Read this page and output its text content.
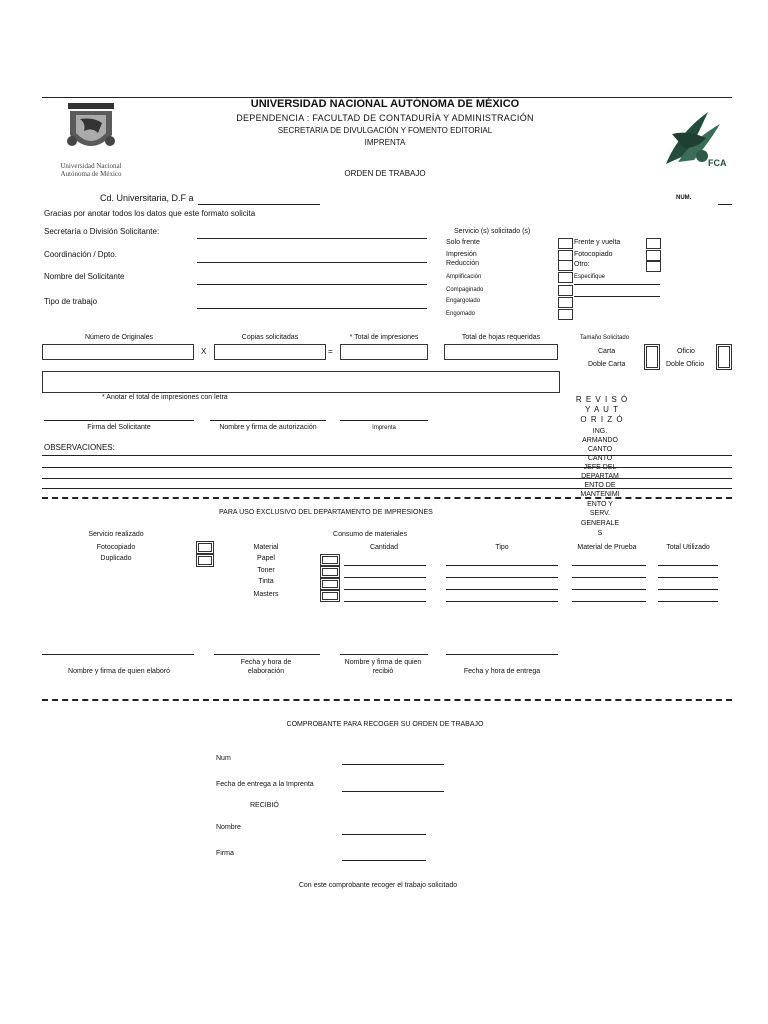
Universidad Nacional
Autónoma de México
FCA
UNIVERSIDAD NACIONAL AUTÓNOMA DE MÉXICO
DEPENDENCIA : FACULTAD DE CONTADURÍA Y ADMINISTRACIÓN
SECRETARIA DE DIVULGACIÓN Y FOMENTO EDITORIAL
IMPRENTA
ORDEN DE TRABAJO
Cd. Universitaria, D.F a	NUM.
Gracias por anotar todos los datos que este formato solicita
Secretaría o División Solicitante:
Coordinación / Dpto.
Nombre del Solicitante
Tipo de trabajo
Servicio (s) solicitado (s)
Solo frente
Impresión
Reducción
Amplificación
Compaginado
Engargolado
Engomado
Frente y vuelta
Fotocopiado
Otro:
Especifique
Número de Originales	Copias solicitadas	* Total de impresiones	Total de hojas requeridas
X	=
Tamaño Solicitado
Carta
Doble Carta
Oficio
Doble Oficio
* Anotar el total de impresiones con letra
Firma del Solicitante	Nombre y firma de autorización	Imprenta
R E V I S Ó
Y A U T
O R I Z Ó
ING.
ARMANDO
CANTO
CANTO
JEFE DEL
DEPARTAM
ENTO DE
MANTENIMI
ENTO Y
SERV.
GENERALE
S
OBSERVACIONES:
PARA USO EXCLUSIVO DEL DEPARTAMENTO DE IMPRESIONES
Servicio realizado
Fotocopiado
Duplicado
Consumo de materiales
Material	Cantidad	Tipo	Material de Prueba	Total Utilizado
Papel
Toner
Tinta
Masters
Nombre y firma de quien elaboró
Fecha y hora de elaboración
Nombre y firma de quien recibió	Fecha y hora de entrega
COMPROBANTE PARA RECOGER SU ORDEN DE TRABAJO
Num
Fecha de entrega a la Imprenta
RECIBIÓ
Nombre
Firma
Con este comprobante recoger el trabajo solicitado
